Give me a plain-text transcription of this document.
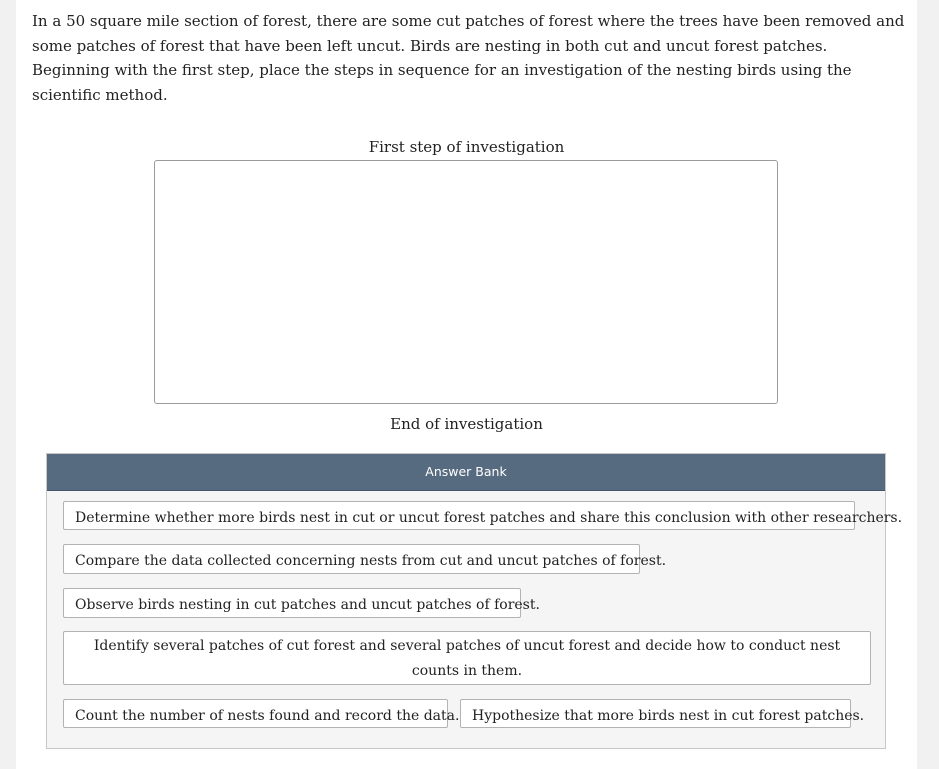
In a 50 square mile section of forest, there are some cut patches of forest where the trees have been removed and some patches of forest that have been left uncut. Birds are nesting in both cut and uncut forest patches. Beginning with the first step, place the steps in sequence for an investigation of the nesting birds using the scientific method.

First step of investigation
End of investigation
Answer Bank
Determine whether more birds nest in cut or uncut forest patches and share this conclusion with other researchers.
Compare the data collected concerning nests from cut and uncut patches of forest.
Observe birds nesting in cut patches and uncut patches of forest.
Identify several patches of cut forest and several patches of uncut forest and decide how to conduct nest counts in them.
Count the number of nests found and record the data. Hypothesize that more birds nest in cut forest patches.
